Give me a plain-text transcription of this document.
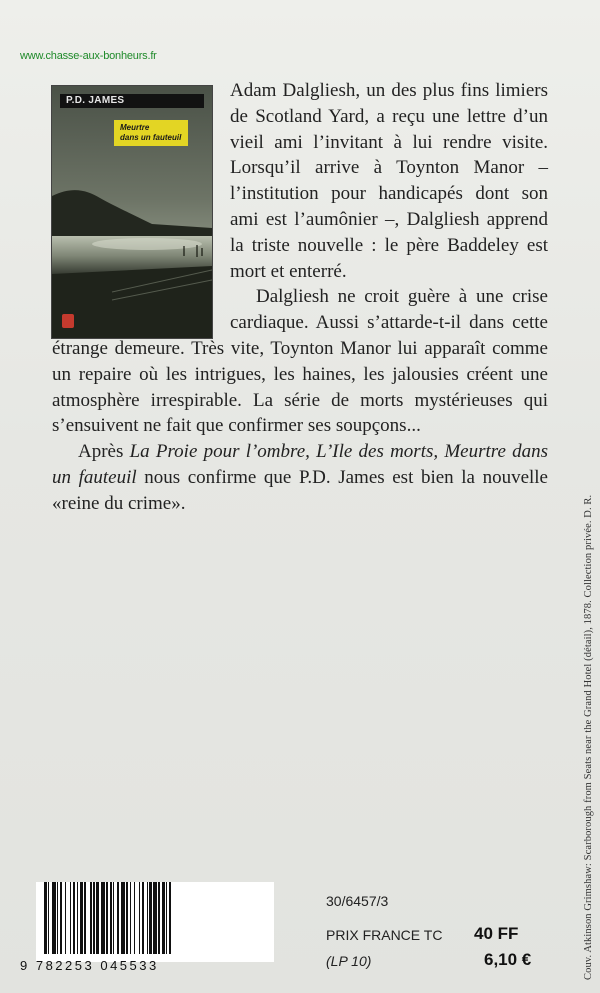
www.chasse-aux-bonheurs.fr
P.D. JAMES
Meurtre
dans un fauteuil

Adam Dalgliesh, un des plus fins limiers de Scotland Yard, a reçu une lettre d’un vieil ami l’invitant à lui rendre visite. Lorsqu’il arrive à Toynton Manor – l’institution pour handicapés dont son ami est l’aumônier –, Dalgliesh apprend la triste nouvelle : le père Baddeley est mort et enterré.

Dalgliesh ne croit guère à une crise cardiaque. Aussi s’attarde-t-il dans cette étrange demeure. Très vite, Toynton Manor lui apparaît comme un repaire où les intrigues, les haines, les jalousies créent une atmosphère irrespirable. La série de morts mystérieuses qui s’ensuivent ne fait que confirmer ses soupçons...

Après La Proie pour l’ombre, L’Ile des morts, Meurtre dans un fauteuil nous confirme que P.D. James est bien la nouvelle «reine du crime».	Couv. Atkinson Grimshaw: Scarborough from Seats near the Grand Hotel (détail), 1878. Collection privée. D. R.
9 782253 045533
30/6457/3
PRIX FRANCE TC 40 FF
(LP 10)	6,10 €
